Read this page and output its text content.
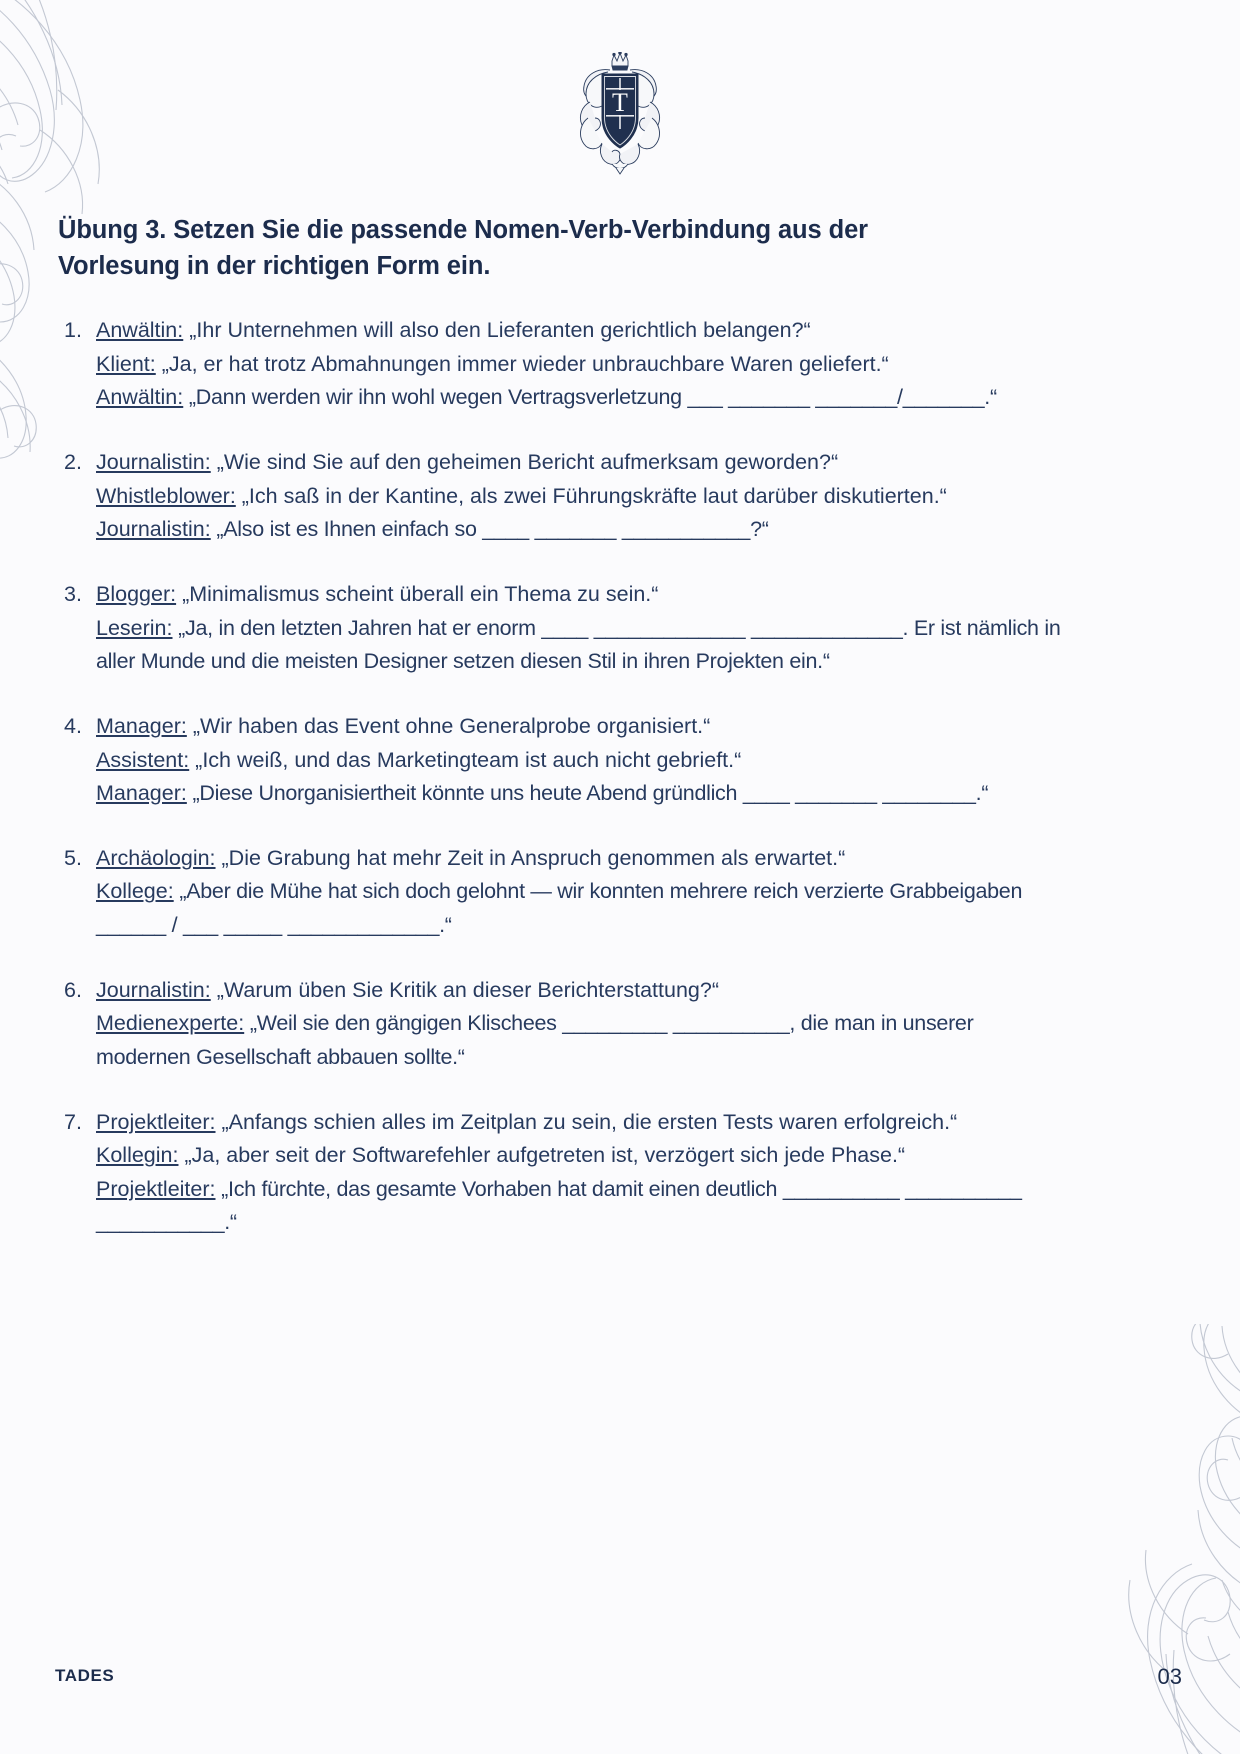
T
Übung 3. Setzen Sie die passende Nomen-Verb-Verbindung aus der Vorlesung in der richtigen Form ein.
1. Anwältin: „Ihr Unternehmen will also den Lieferanten gerichtlich belangen?“
Klient: „Ja, er hat trotz Abmahnungen immer wieder unbrauchbare Waren geliefert.“
Anwältin: „Dann werden wir ihn wohl wegen Vertragsverletzung ___ _______ _______/_______.“
2. Journalistin: „Wie sind Sie auf den geheimen Bericht aufmerksam geworden?“
Whistleblower: „Ich saß in der Kantine, als zwei Führungskräfte laut darüber diskutierten.“
Journalistin: „Also ist es Ihnen einfach so ____ _______ ___________?“
3. Blogger: „Minimalismus scheint überall ein Thema zu sein.“
Leserin: „Ja, in den letzten Jahren hat er enorm ____ _____________ _____________. Er ist nämlich in aller Munde und die meisten Designer setzen diesen Stil in ihren Projekten ein.“
4. Manager: „Wir haben das Event ohne Generalprobe organisiert.“
Assistent: „Ich weiß, und das Marketingteam ist auch nicht gebrieft.“
Manager: „Diese Unorganisiertheit könnte uns heute Abend gründlich ____ _______ ________.“
5. Archäologin: „Die Grabung hat mehr Zeit in Anspruch genommen als erwartet.“
Kollege: „Aber die Mühe hat sich doch gelohnt — wir konnten mehrere reich verzierte Grabbeigaben ______ / ___ _____ _____________.“
6. Journalistin: „Warum üben Sie Kritik an dieser Berichterstattung?“
Medienexperte: „Weil sie den gängigen Klischees _________ __________, die man in unserer modernen Gesellschaft abbauen sollte.“
7. Projektleiter: „Anfangs schien alles im Zeitplan zu sein, die ersten Tests waren erfolgreich.“
Kollegin: „Ja, aber seit der Softwarefehler aufgetreten ist, verzögert sich jede Phase.“
Projektleiter: „Ich fürchte, das gesamte Vorhaben hat damit einen deutlich __________ __________ ___________.“
TADES	03
